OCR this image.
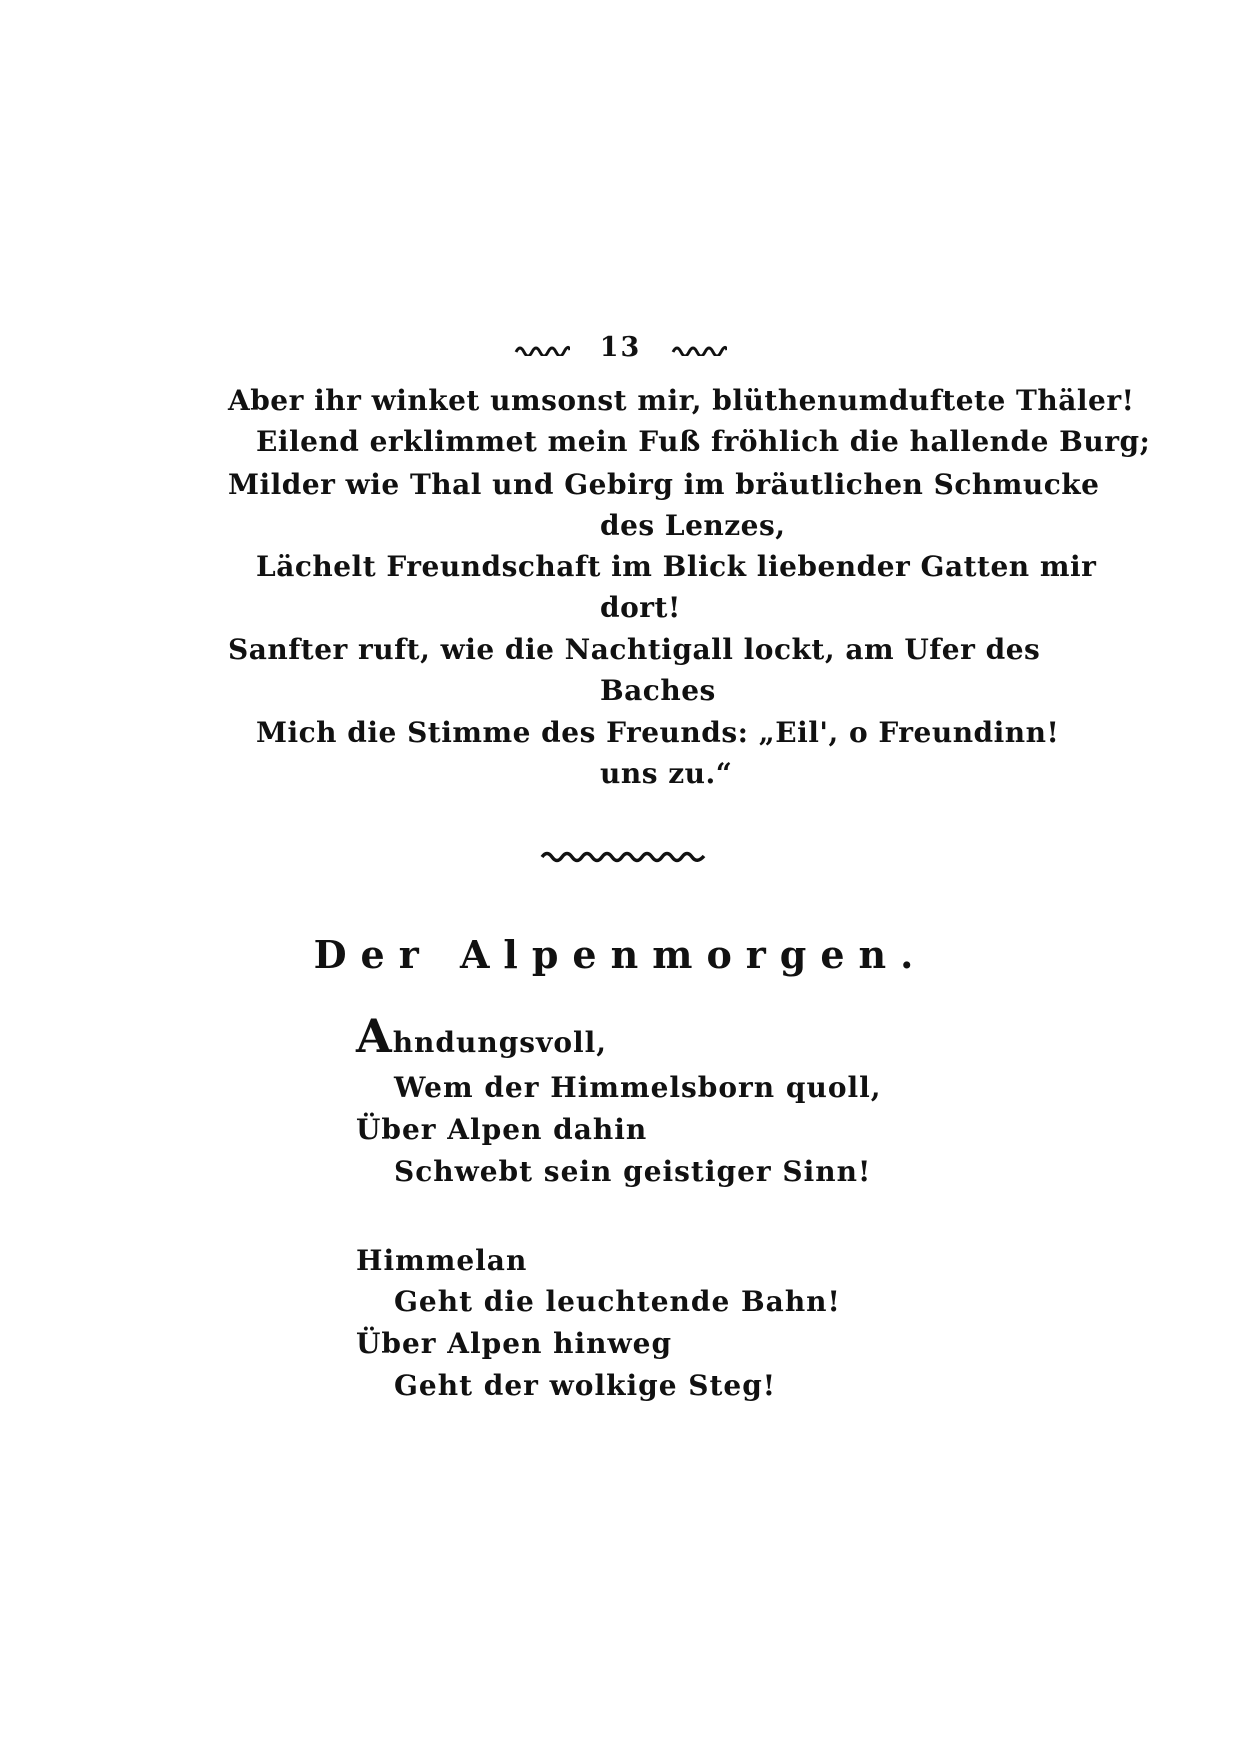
13
Aber ihr winket umsonst mir, blüthenumduftete Thäler!
Eilend erklimmet mein Fuß fröhlich die hallende Burg;
Milder wie Thal und Gebirg im bräutlichen Schmucke
des Lenzes,
Lächelt Freundschaft im Blick liebender Gatten mir
dort!
Sanfter ruft, wie die Nachtigall lockt, am Ufer des
Baches
Mich die Stimme des Freunds: „Eil', o Freundinn!
uns zu.“
Der Alpenmorgen.
Ahndungsvoll,
Wem der Himmelsborn quoll,
Über Alpen dahin
Schwebt sein geistiger Sinn!
Himmelan
Geht die leuchtende Bahn!
Über Alpen hinweg
Geht der wolkige Steg!
